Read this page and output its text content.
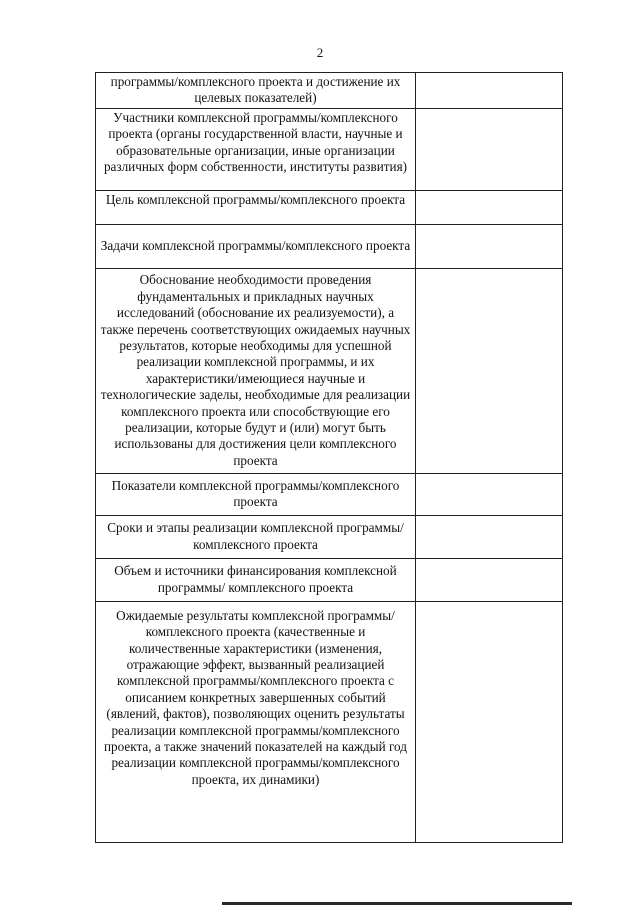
2
программы/комплексного проекта и достижение их целевых показателей)	

Участники комплексной программы/комплексного проекта (органы государственной власти, научные и образовательные организации, иные организации различных форм собственности, институты развития)	

Цель комплексной программы/комплексного проекта	

Задачи комплексной программы/комплексного проекта	

Обоснование необходимости проведения фундаментальных и прикладных научных исследований (обоснование их реализуемости), а также перечень соответствующих ожидаемых научных результатов, которые необходимы для успешной реализации комплексной программы, и их характеристики/имеющиеся научные и технологические заделы, необходимые для реализации комплексного проекта или способствующие его реализации, которые будут и (или) могут быть использованы для достижения цели комплексного проекта	

Показатели комплексной программы/комплексного проекта	

Сроки и этапы реализации комплексной программы/комплексного проекта	

Объем и источники финансирования комплексной программы/ комплексного проекта	

Ожидаемые результаты комплексной программы/комплексного проекта (качественные и количественные характеристики (изменения, отражающие эффект, вызванный реализацией комплексной программы/комплексного проекта с описанием конкретных завершенных событий (явлений, фактов), позволяющих оценить результаты реализации комплексной программы/комплексного проекта, а также значений показателей на каждый год реализации комплексной программы/комплексного проекта, их динамики)	
